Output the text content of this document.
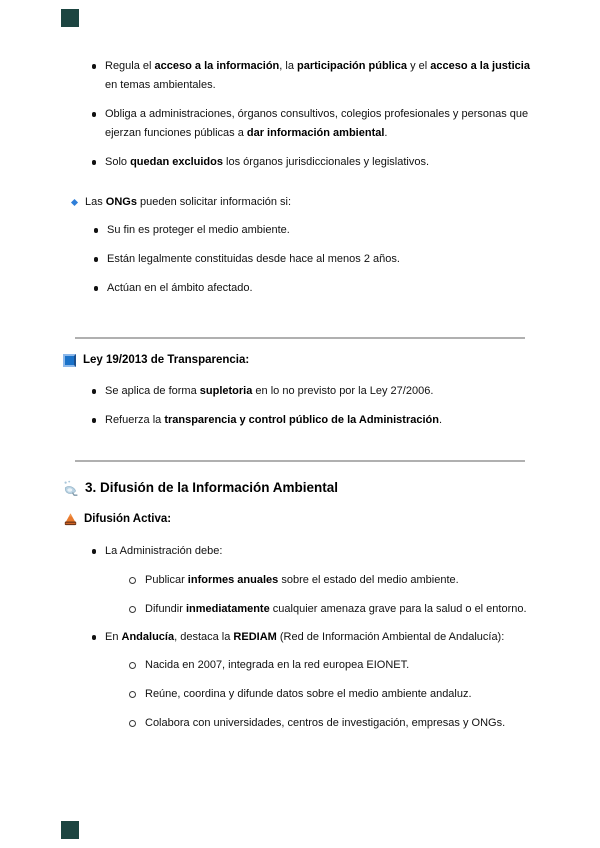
Regula el acceso a la información, la participación pública y el acceso a la justicia en temas ambientales.
Obliga a administraciones, órganos consultivos, colegios profesionales y personas que ejerzan funciones públicas a dar información ambiental.
Solo quedan excluidos los órganos jurisdiccionales y legislativos.
Las ONGs pueden solicitar información si:
Su fin es proteger el medio ambiente.
Están legalmente constituidas desde hace al menos 2 años.
Actúan en el ámbito afectado.
Ley 19/2013 de Transparencia:
Se aplica de forma supletoria en lo no previsto por la Ley 27/2006.
Refuerza la transparencia y control público de la Administración.
3. Difusión de la Información Ambiental
Difusión Activa:
La Administración debe:
Publicar informes anuales sobre el estado del medio ambiente.
Difundir inmediatamente cualquier amenaza grave para la salud o el entorno.
En Andalucía, destaca la REDIAM (Red de Información Ambiental de Andalucía):
Nacida en 2007, integrada en la red europea EIONET.
Reúne, coordina y difunde datos sobre el medio ambiente andaluz.
Colabora con universidades, centros de investigación, empresas y ONGs.
